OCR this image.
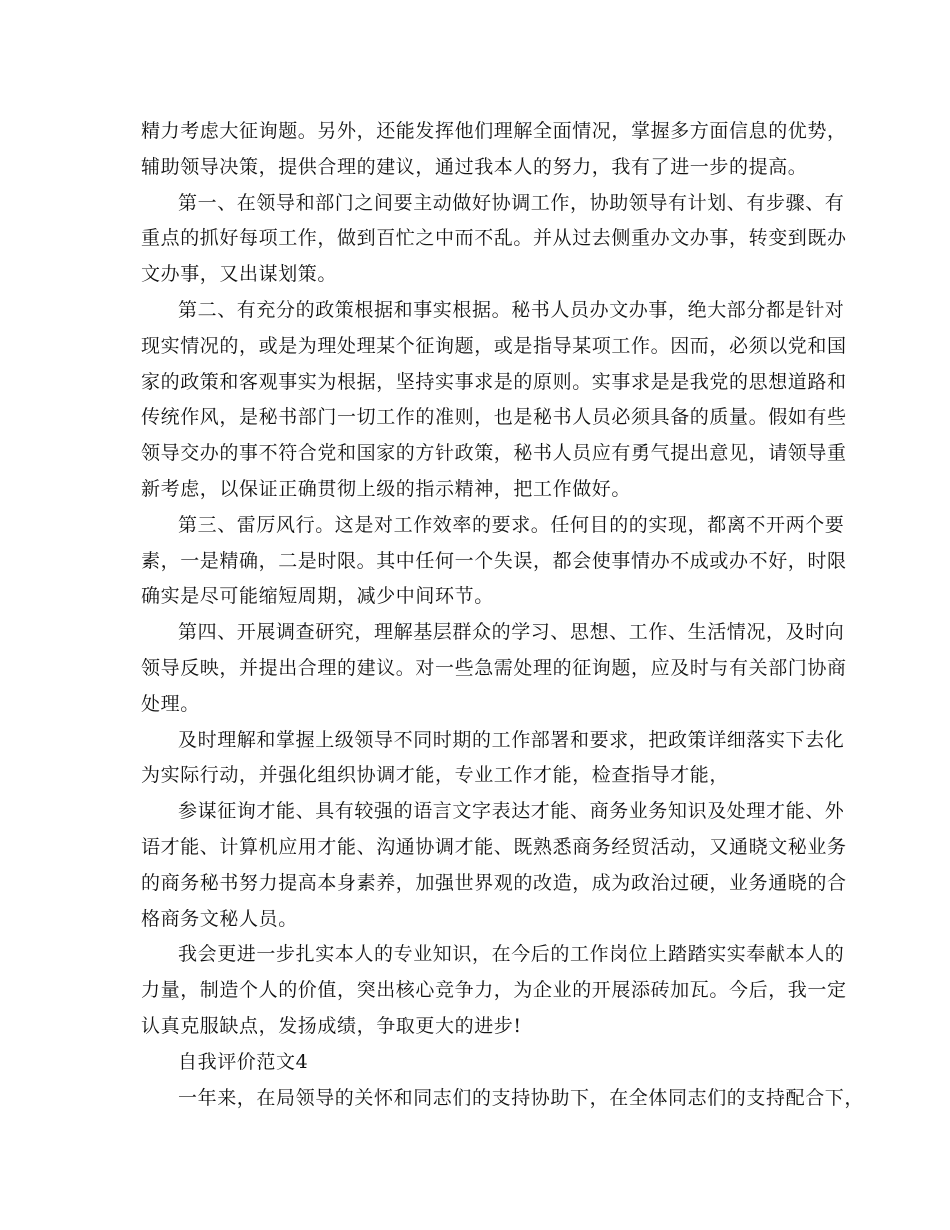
精力考虑大征询题。另外，还能发挥他们理解全面情况，掌握多方面信息的优势，
辅助领导决策，提供合理的建议，通过我本人的努力，我有了进一步的提高。
第一、在领导和部门之间要主动做好协调工作，协助领导有计划、有步骤、有
重点的抓好每项工作，做到百忙之中而不乱。并从过去侧重办文办事，转变到既办
文办事，又出谋划策。
第二、有充分的政策根据和事实根据。秘书人员办文办事，绝大部分都是针对
现实情况的，或是为理处理某个征询题，或是指导某项工作。因而，必须以党和国
家的政策和客观事实为根据，坚持实事求是的原则。实事求是是我党的思想道路和
传统作风，是秘书部门一切工作的准则，也是秘书人员必须具备的质量。假如有些
领导交办的事不符合党和国家的方针政策，秘书人员应有勇气提出意见，请领导重
新考虑，以保证正确贯彻上级的指示精神，把工作做好。
第三、雷厉风行。这是对工作效率的要求。任何目的的实现，都离不开两个要
素，一是精确，二是时限。其中任何一个失误，都会使事情办不成或办不好，时限
确实是尽可能缩短周期，减少中间环节。
第四、开展调查研究，理解基层群众的学习、思想、工作、生活情况，及时向
领导反映，并提出合理的建议。对一些急需处理的征询题，应及时与有关部门协商
处理。
及时理解和掌握上级领导不同时期的工作部署和要求，把政策详细落实下去化
为实际行动，并强化组织协调才能，专业工作才能，检查指导才能，
参谋征询才能、具有较强的语言文字表达才能、商务业务知识及处理才能、外
语才能、计算机应用才能、沟通协调才能、既熟悉商务经贸活动，又通晓文秘业务
的商务秘书努力提高本身素养，加强世界观的改造，成为政治过硬，业务通晓的合
格商务文秘人员。
我会更进一步扎实本人的专业知识，在今后的工作岗位上踏踏实实奉献本人的
力量，制造个人的价值，突出核心竞争力，为企业的开展添砖加瓦。今后，我一定
认真克服缺点，发扬成绩，争取更大的进步!
自我评价范文4
一年来，在局领导的关怀和同志们的支持协助下，在全体同志们的支持配合下，
